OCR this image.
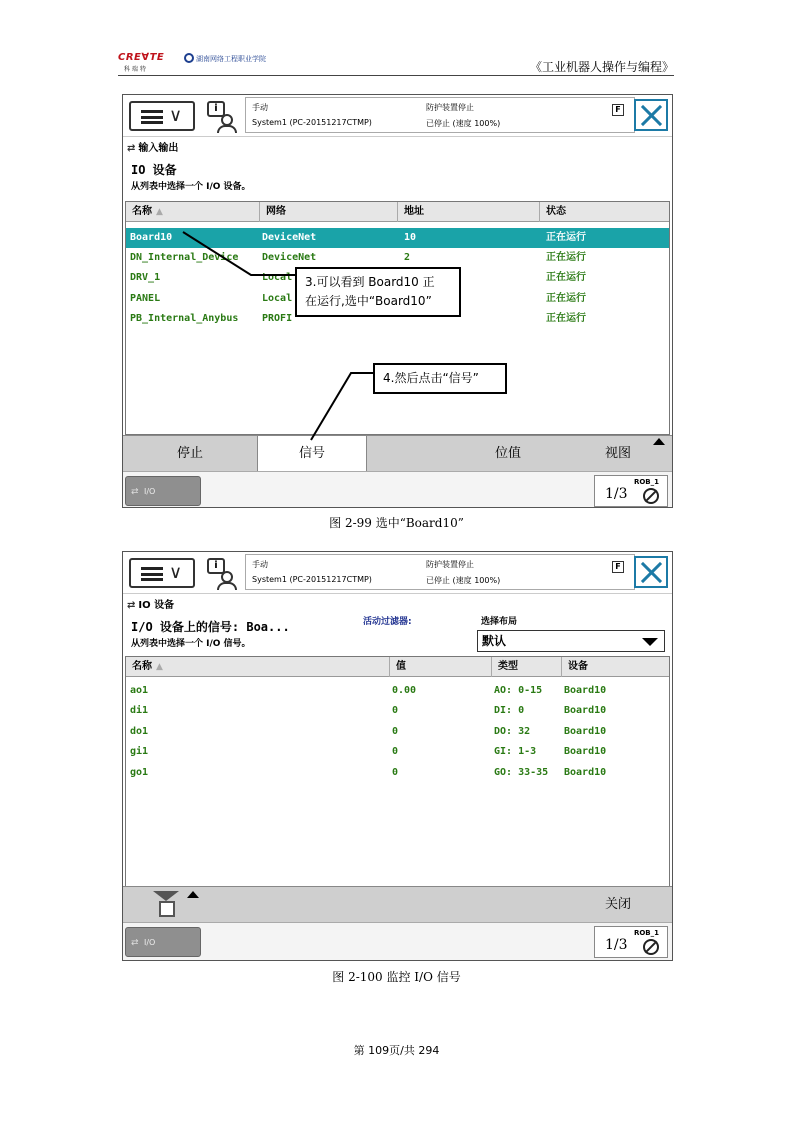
CRE∀TE
科 瑞 特
湖南网络工程职业学院
《工业机器人操作与编程》
∨	i	手动
System1 (PC-20151217CTMP)
防护装置停止
已停止 (速度 100%)
F
⇄ 输入输出
IO 设备
从列表中选择一个 I/O 设备。
名称 ▲	网络	地址	状态
Board10	DeviceNet	10	正在运行
DN_Internal_Device DeviceNet	2	正在运行
DRV_1	Local	正在运行
PANEL	Local	正在运行
PB_Internal_Anybus PROFI	正在运行
停止	信号	位值	视图
⇄ I/O
ROB_1
1/3
3.可以看到 Board10 正
在运行,选中“Board10”
4.然后点击“信号”
图 2-99 选中“Board10”
∨	i	手动
System1 (PC-20151217CTMP)
防护装置停止
已停止 (速度 100%)
F
⇄ IO 设备
I/O 设备上的信号: Boa...
从列表中选择一个 I/O 信号。
活动过滤器:	选择布局
默认
名称 ▲	值	类型	设备
ao1	0.00	AO: 0-15 Board10
di1	0	DI: 0	Board10
do1	0	DO: 32	Board10
gi1	0	GI: 1-3	Board10
go1	0	GO: 33-35 Board10
关闭
⇄ I/O
ROB_1
1/3
图 2-100 监控 I/O 信号
第 109页/共 294
